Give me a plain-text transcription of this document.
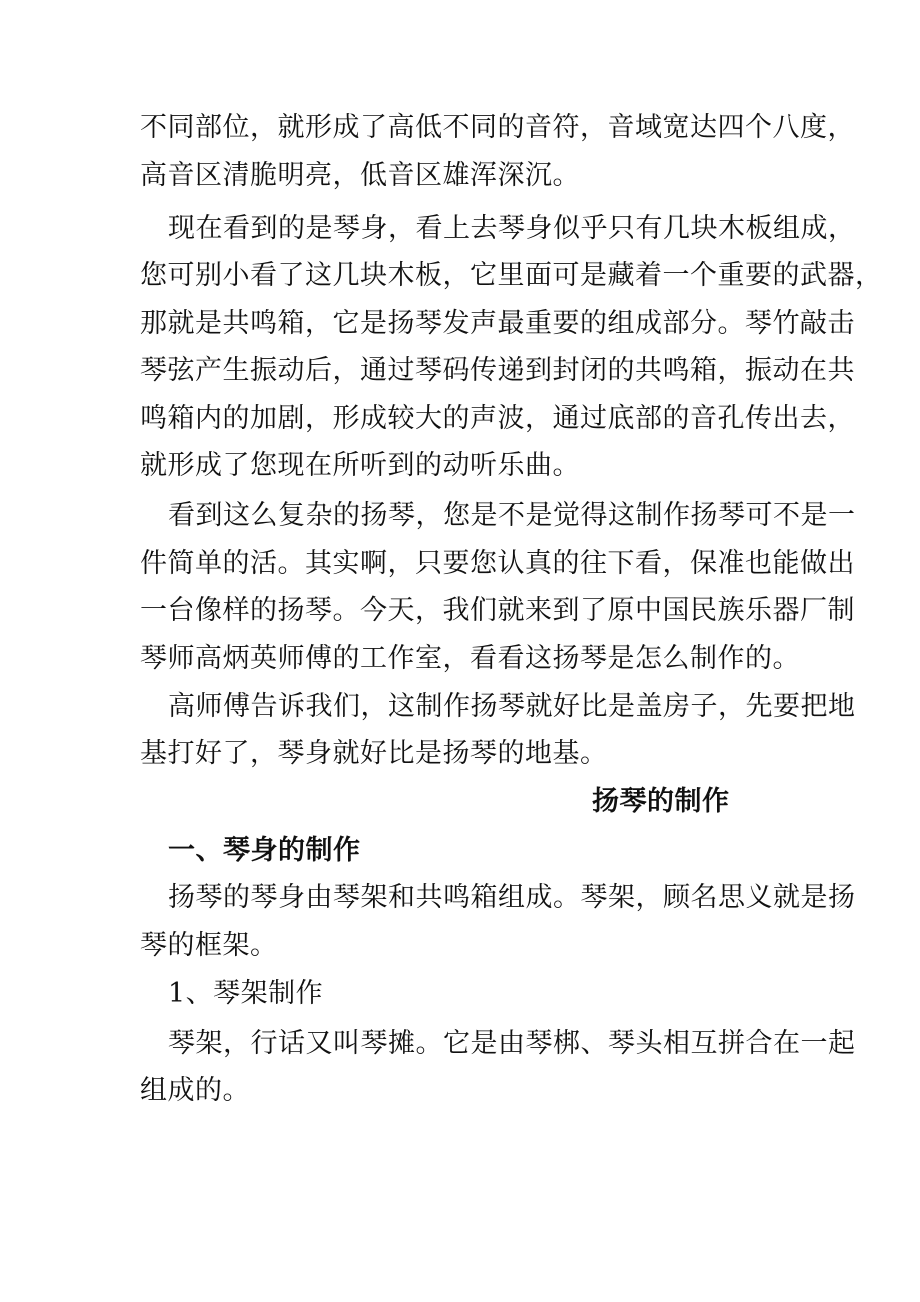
不同部位，就形成了高低不同的音符，音域宽达四个八度，
高音区清脆明亮，低音区雄浑深沉。
现在看到的是琴身，看上去琴身似乎只有几块木板组成，
您可别小看了这几块木板，它里面可是藏着一个重要的武器，
那就是共鸣箱，它是扬琴发声最重要的组成部分。琴竹敲击
琴弦产生振动后，通过琴码传递到封闭的共鸣箱，振动在共
鸣箱内的加剧，形成较大的声波，通过底部的音孔传出去，
就形成了您现在所听到的动听乐曲。
看到这么复杂的扬琴，您是不是觉得这制作扬琴可不是一
件简单的活。其实啊，只要您认真的往下看，保准也能做出
一台像样的扬琴。今天，我们就来到了原中国民族乐器厂制
琴师高炳英师傅的工作室，看看这扬琴是怎么制作的。
高师傅告诉我们，这制作扬琴就好比是盖房子，先要把地
基打好了，琴身就好比是扬琴的地基。
扬琴的制作
一、琴身的制作
扬琴的琴身由琴架和共鸣箱组成。琴架，顾名思义就是扬
琴的框架。
1、琴架制作
琴架，行话又叫琴摊。它是由琴梆、琴头相互拼合在一起
组成的。
